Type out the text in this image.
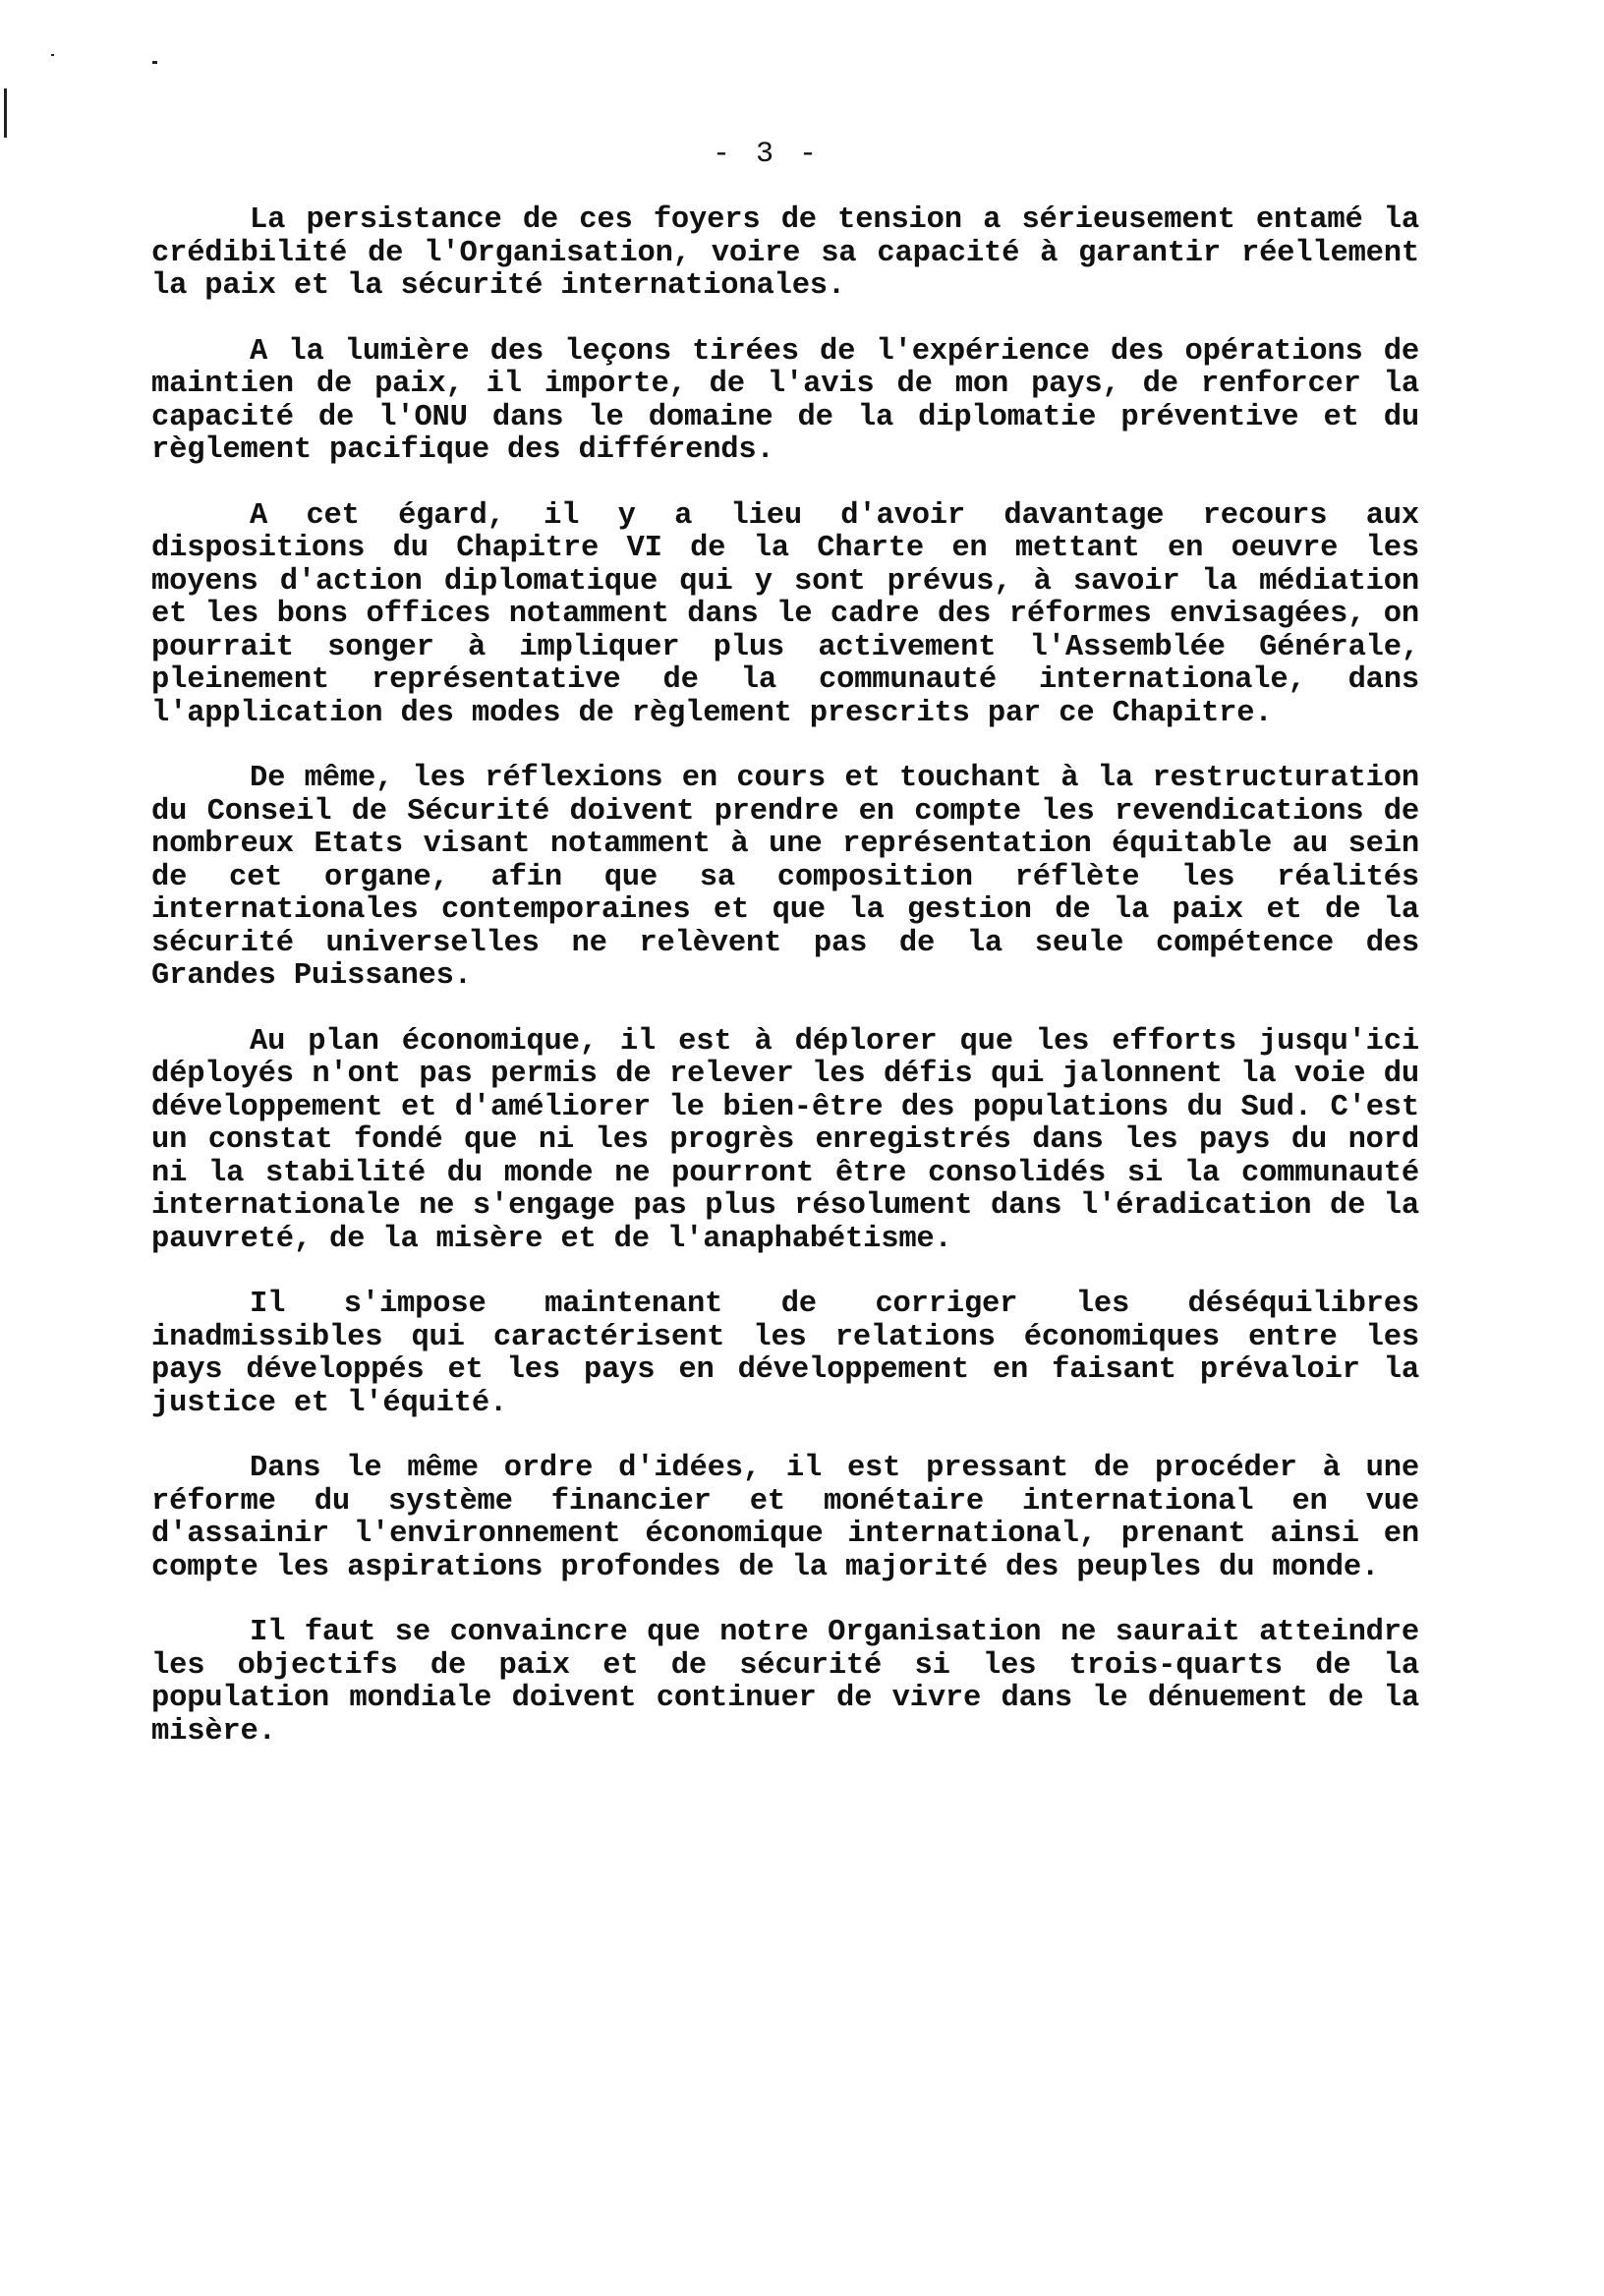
- 3 -

La persistance de ces foyers de tension a sérieusement entamé la crédibilité de l'Organisation, voire sa capacité à garantir réellement la paix et la sécurité internationales.

A la lumière des leçons tirées de l'expérience des opérations de maintien de paix, il importe, de l'avis de mon pays, de renforcer la capacité de l'ONU dans le domaine de la diplomatie préventive et du règlement pacifique des différends.

A cet égard, il y a lieu d'avoir davantage recours aux dispositions du Chapitre VI de la Charte en mettant en oeuvre les moyens d'action diplomatique qui y sont prévus, à savoir la médiation et les bons offices notamment dans le cadre des réformes envisagées, on pourrait songer à impliquer plus activement l'Assemblée Générale, pleinement représentative de la communauté internationale, dans l'application des modes de règlement prescrits par ce Chapitre.

De même, les réflexions en cours et touchant à la restructuration du Conseil de Sécurité doivent prendre en compte les revendications de nombreux Etats visant notamment à une représentation équitable au sein de cet organe, afin que sa composition réflète les réalités internationales contemporaines et que la gestion de la paix et de la sécurité universelles ne relèvent pas de la seule compétence des Grandes Puissanes.

Au plan économique, il est à déplorer que les efforts jusqu'ici déployés n'ont pas permis de relever les défis qui jalonnent la voie du développement et d'améliorer le bien-être des populations du Sud. C'est un constat fondé que ni les progrès enregistrés dans les pays du nord ni la stabilité du monde ne pourront être consolidés si la communauté internationale ne s'engage pas plus résolument dans l'éradication de la pauvreté, de la misère et de l'anaphabétisme.

Il s'impose maintenant de corriger les déséquilibres inadmissibles qui caractérisent les relations économiques entre les pays développés et les pays en développement en faisant prévaloir la justice et l'équité.

Dans le même ordre d'idées, il est pressant de procéder à une réforme du système financier et monétaire international en vue d'assainir l'environnement économique international, prenant ainsi en compte les aspirations profondes de la majorité des peuples du monde.

Il faut se convaincre que notre Organisation ne saurait atteindre les objectifs de paix et de sécurité si les trois-quarts de la population mondiale doivent continuer de vivre dans le dénuement de la misère.
